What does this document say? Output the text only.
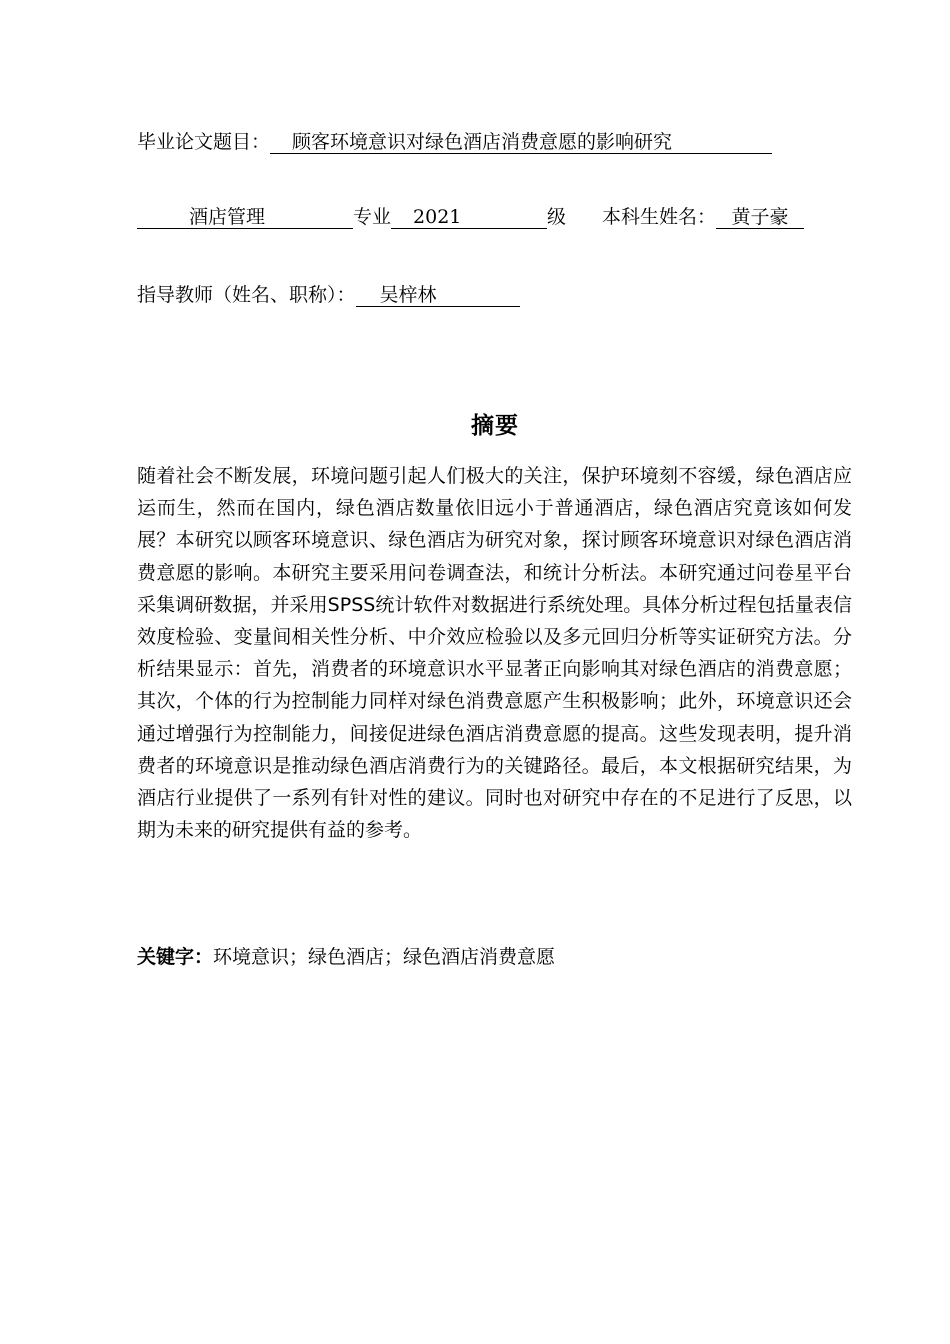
毕业论文题目： 顾客环境意识对绿色酒店消费意愿的影响研究
酒店管理	专业 2021	级 本科生姓名： 黄子豪
指导教师（姓名、职称）： 吴梓林
摘要
随着社会不断发展，环境问题引起人们极大的关注，保护环境刻不容缓，绿色酒店应运而生，然而在国内，绿色酒店数量依旧远小于普通酒店，绿色酒店究竟该如何发展？本研究以顾客环境意识、绿色酒店为研究对象，探讨顾客环境意识对绿色酒店消费意愿的影响。本研究主要采用问卷调查法，和统计分析法。本研究通过问卷星平台采集调研数据，并采用SPSS统计软件对数据进行系统处理。具体分析过程包括量表信效度检验、变量间相关性分析、中介效应检验以及多元回归分析等实证研究方法。分析结果显示：首先，消费者的环境意识水平显著正向影响其对绿色酒店的消费意愿；其次，个体的行为控制能力同样对绿色消费意愿产生积极影响；此外，环境意识还会通过增强行为控制能力，间接促进绿色酒店消费意愿的提高。这些发现表明，提升消费者的环境意识是推动绿色酒店消费行为的关键路径。最后，本文根据研究结果，为酒店行业提供了一系列有针对性的建议。同时也对研究中存在的不足进行了反思，以期为未来的研究提供有益的参考。
关键字：环境意识；绿色酒店；绿色酒店消费意愿
